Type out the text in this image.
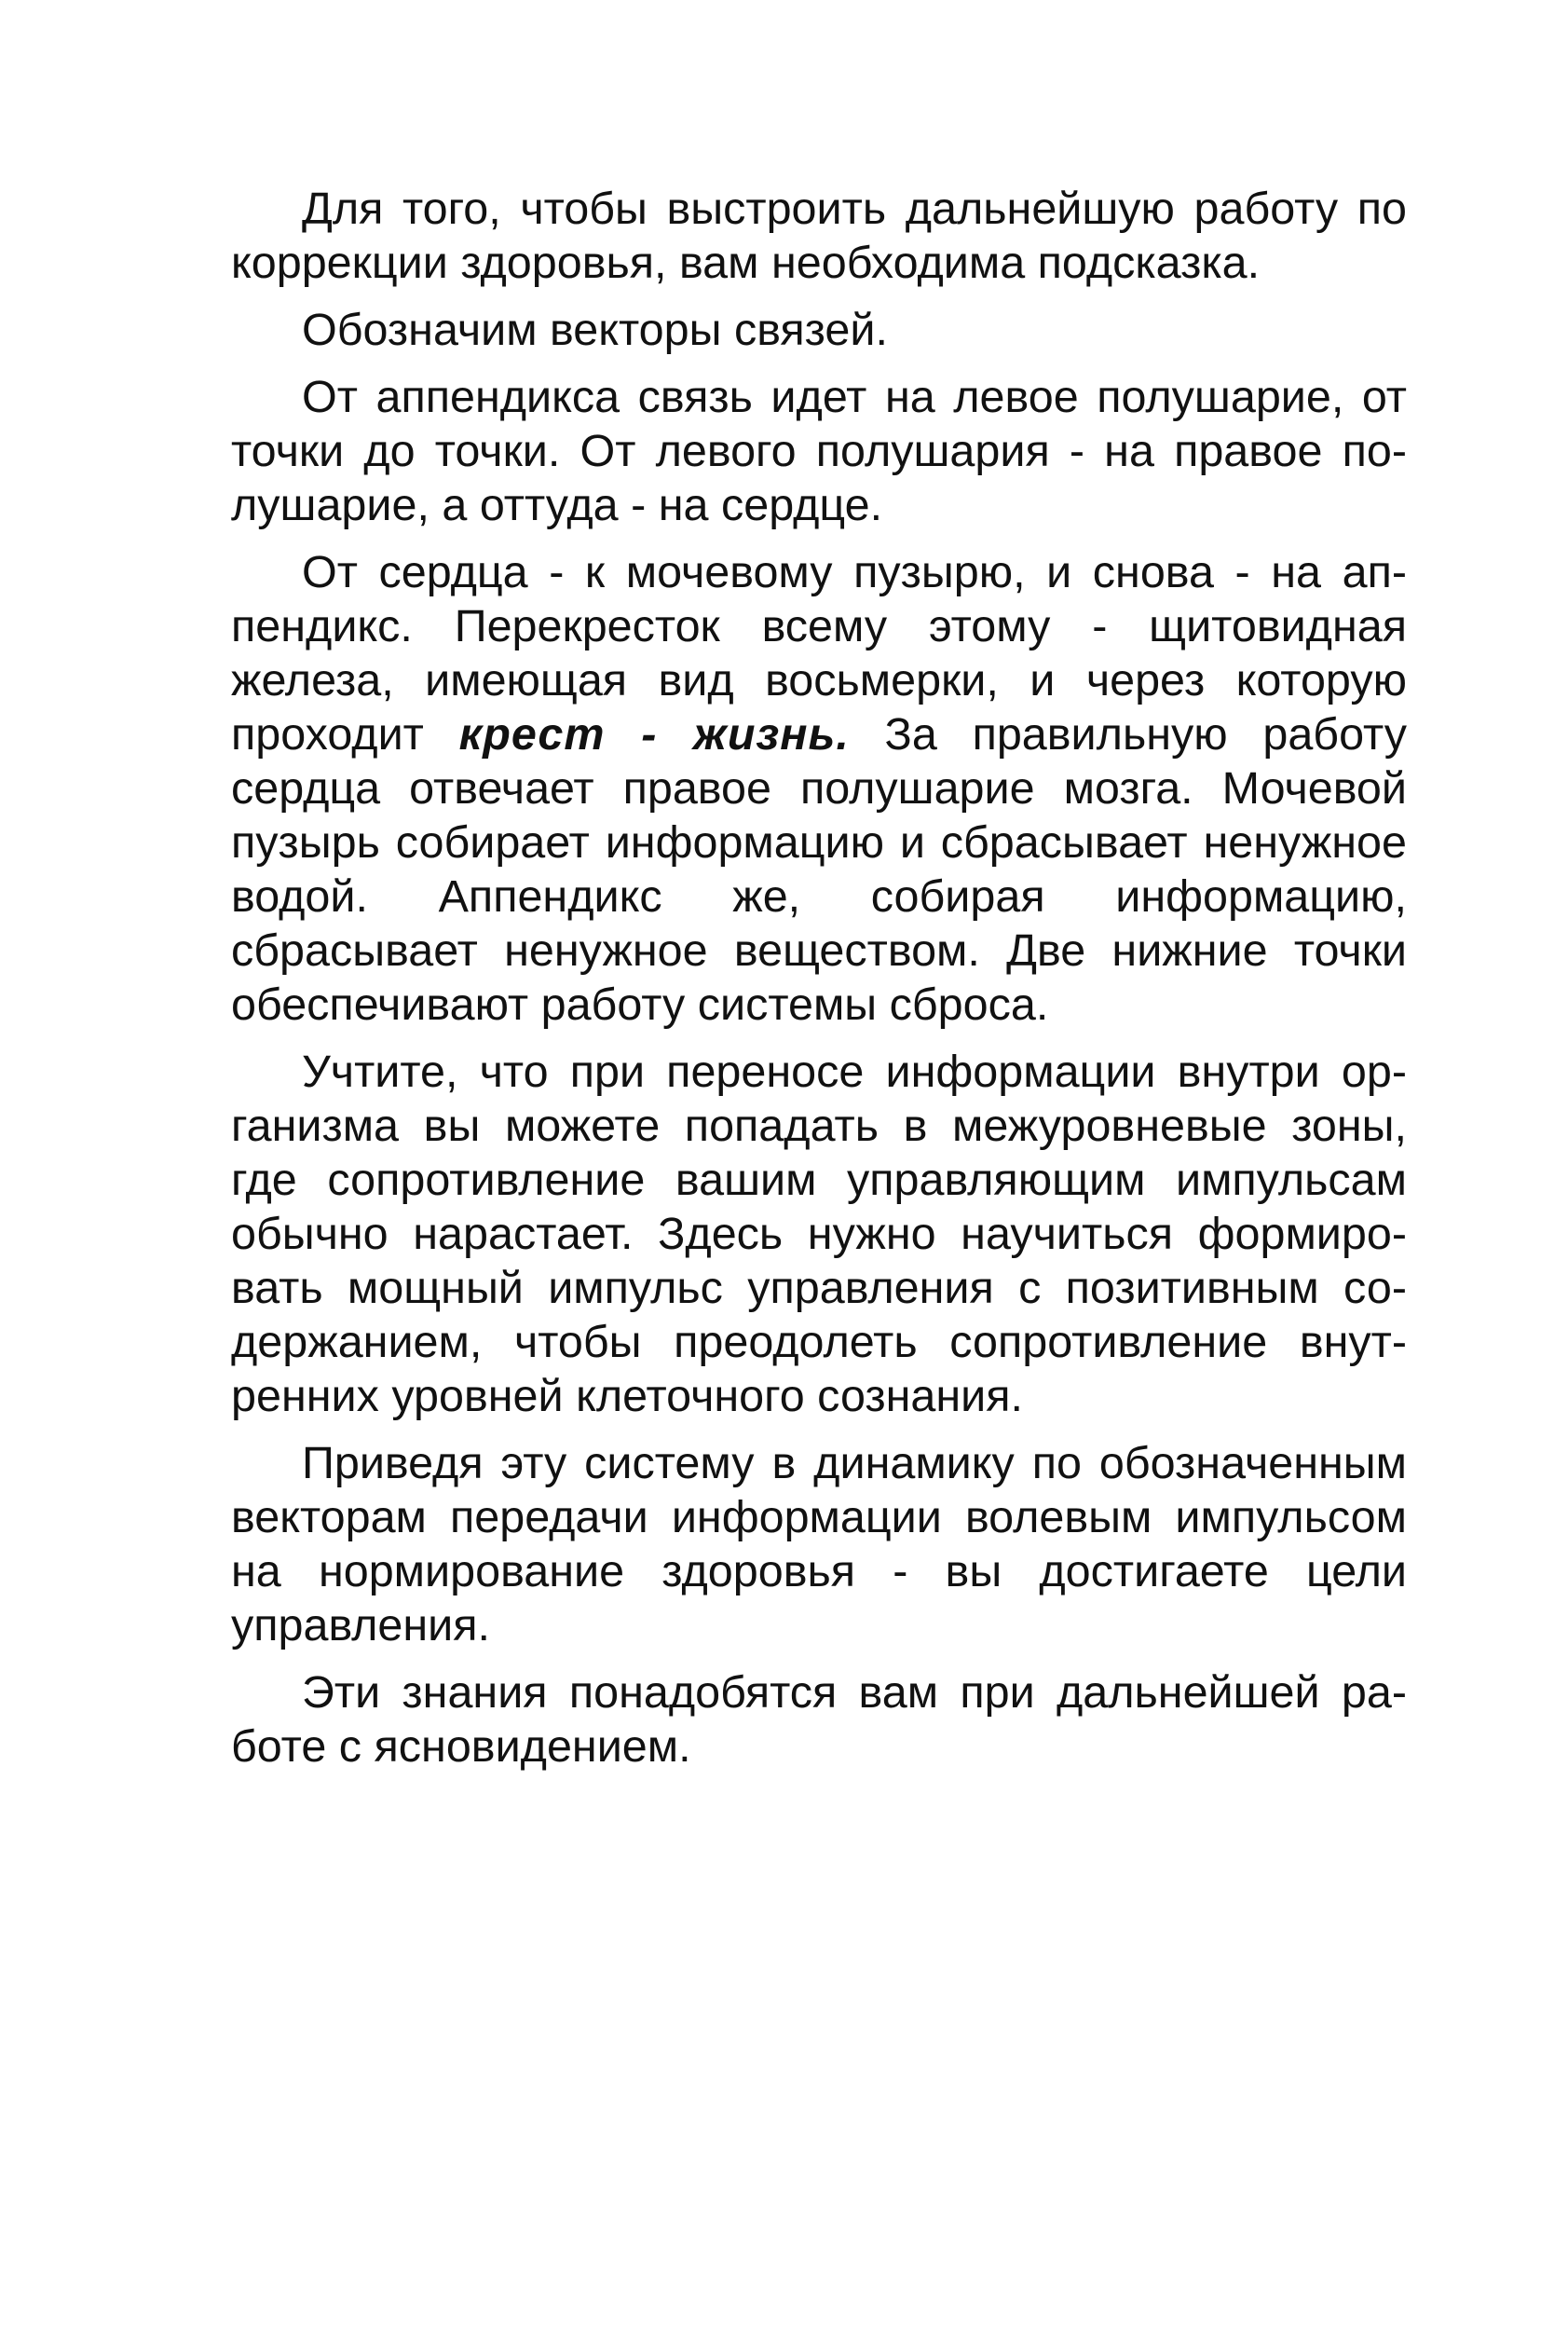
Для того, чтобы выстроить дальнейшую работу по коррекции здоровья, вам необходима подсказка.

Обозначим векторы связей.

От аппендикса связь идет на левое полушарие, от точки до точки. От левого полушария - на правое полушарие, а оттуда - на сердце.

От сердца - к мочевому пузырю, и снова - на аппендикс. Перекресток всему этому - щитовидная железа, имеющая вид восьмерки, и через которую проходит крест - жизнь. За правильную работу сердца отвечает правое полушарие мозга. Мочевой пузырь собирает информацию и сбрасывает ненужное водой. Аппендикс же, собирая информацию, сбрасывает ненужное веществом. Две нижние точки обеспечивают работу системы сброса.

Учтите, что при переносе информации внутри организма вы можете попадать в межуровневые зоны, где сопротивление вашим управляющим импульсам обычно нарастает. Здесь нужно научиться формировать мощный импульс управления с позитивным содержанием, чтобы преодолеть сопротивление внутренних уровней клеточного сознания.

Приведя эту систему в динамику по обозначенным векторам передачи информации волевым импульсом на нормирование здоровья - вы достигаете цели управления.

Эти знания понадобятся вам при дальнейшей работе с ясновидением.
